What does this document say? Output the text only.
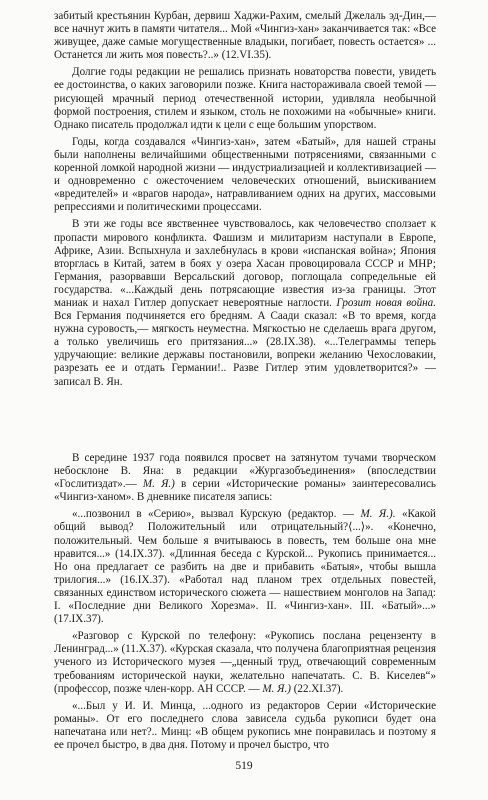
забитый крестьянин Курбан, дервиш Хаджи-Рахим, смелый Джелаль эд-Дин,— все начнут жить в памяти читателя... Мой «Чингиз-хан» заканчивается так: «Все живущее, даже самые могущественные владыки, погибает, повесть остается» ... Останется ли жить моя повесть?..» (12.VI.35).

Долгие годы редакции не решались признать новаторства повести, увидеть ее достоинства, о каких заговорили позже. Книга настораживала своей темой — рисующей мрачный период отечественной истории, удивляла необычной формой построения, стилем и языком, столь не похожими на «обычные» книги. Однако писатель продолжал идти к цели с еще большим упорством.

Годы, когда создавался «Чингиз-хан», затем «Батый», для нашей страны были наполнены величайшими общественными потрясениями, связанными с коренной ломкой народной жизни — индустриализацией и коллективизацией — и одновременно с ожесточением человеческих отношений, выискиванием «вредителей» и «врагов народа», натравливанием одних на других, массовыми репрессиями и политическими процессами.

В эти же годы все явственнее чувствовалось, как человечество сползает к пропасти мирового конфликта. Фашизм и милитаризм наступали в Европе, Африке, Азии. Вспыхнула и захлебнулась в крови «испанская война»; Япония вторглась в Китай, затем в боях у озера Хасан провоцировала СССР и МНР; Германия, разорвавши Версальский договор, поглощала сопредельные ей государства. «...Каждый день потрясающие известия из-за границы. Этот маниак и нахал Гитлер допускает невероятные наглости. Грозит новая война. Вся Германия подчиняется его бредням. А Саади сказал: «В то время, когда нужна суровость,— мягкость неуместна. Мягкостью не сделаешь врага другом, а только увеличишь его притязания...» (28.IX.38). «...Телеграммы теперь удручающие: великие державы постановили, вопреки желанию Чехословакии, разрезать ее и отдать Германии!.. Разве Гитлер этим удовлетворится?» — записал В. Ян.

В середине 1937 года появился просвет на затянутом тучами творческом небосклоне В. Яна: в редакции «Жургазобъединения» (впоследствии «Гослитиздат».— М. Я.) в серии «Исторические романы» заинтересовались «Чингиз-ханом». В дневнике писателя запись:

«...позвонил в «Серию», вызвал Курскую (редактор. — М. Я.). «Какой общий вывод? Положительный или отрицательный?⟨...⟩». «Конечно, положительный. Чем больше я вчитываюсь в повесть, тем больше она мне нравится...» (14.IX.37). «Длинная беседа с Курской... Рукопись принимается... Но она предлагает се разбить на две и прибавить «Батыя», чтобы вышла трилогия...» (16.IX.37). «Работал над планом трех отдельных повестей, связанных единством исторического сюжета — нашествием монголов на Запад: I. «Последние дни Великого Хорезма». II. «Чингиз-хан». III. «Батый»...» (17.IX.37).

«Разговор с Курской по телефону: «Рукопись послана рецензенту в Ленинград...» (11.X.37). «Курская сказала, что получена благоприятная рецензия ученого из Исторического музея —„ценный труд, отвечающий современным требованиям исторической науки, желательно напечатать. С. В. Киселев“» (профессор, позже член-корр. АН СССР. — М. Я.) (22.XI.37).

«...Был у И. И. Минца, ...одного из редакторов Серии «Исторические романы». От его последнего слова зависела судьба рукописи будет она напечатана или нет?.. Минц: «В общем рукопись мне понравилась и поэтому я ее прочел быстро, в два дня. Потому и прочел быстро, что

519
